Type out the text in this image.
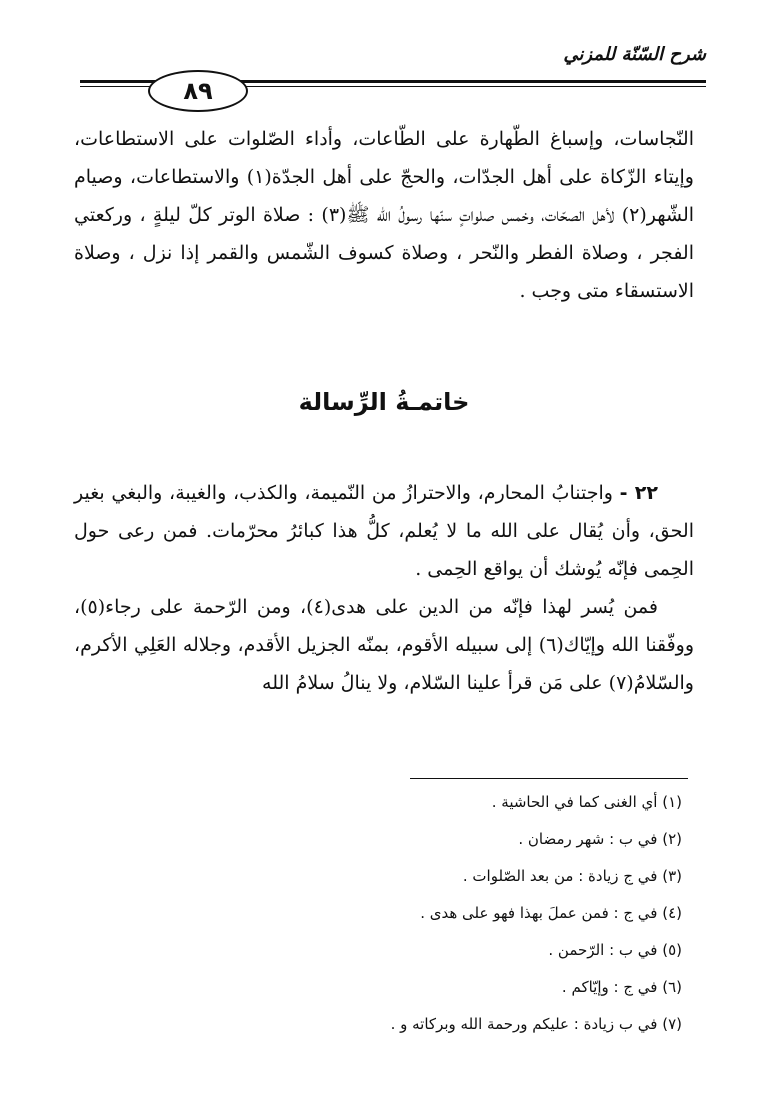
شرح السّنّة للمزني
٨٩

النّجاسات، وإسباغ الطّهارة على الطّاعات، وأداء الصّلوات على الاستطاعات، وإيتاء الزّكاة على أهل الجدّات، والحجّ على أهل الجدّة(١) والاستطاعات، وصيام الشّهر(٢) لأهل الصحّات، وخمس صلواتٍ سنّها رسولُ الله ﷺ(٣) : صلاة الوتر كلّ ليلةٍ ، وركعتي الفجر ، وصلاة الفطر والنّحر ، وصلاة كسوف الشّمس والقمر إذا نزل ، وصلاة الاستسقاء متى وجب .

خاتمـةُ الرِّسالة

٢٢ - واجتنابُ المحارم، والاحترازُ من النّميمة، والكذب، والغيبة، والبغي بغير الحق، وأن يُقال على الله ما لا يُعلم، كلُّ هذا كبائرُ محرّمات. فمن رعى حول الحِمى فإنّه يُوشك أن يواقع الحِمى .

فمن يُسر لهذا فإنّه من الدين على هدى(٤)، ومن الرّحمة على رجاء(٥)، ووفّقنا الله وإيّاك(٦) إلى سبيله الأقوم، بمنّه الجزيل الأقدم، وجلاله العَلِي الأكرم، والسّلامُ(٧) على مَن قرأ علينا السّلام، ولا ينالُ سلامُ الله

(١) أي الغنى كما في الحاشية .
(٢) في ب : شهر رمضان .
(٣) في ج زيادة : من بعد الصّلوات .
(٤) في ج : فمن عملَ بهذا فهو على هدى .
(٥) في ب : الرّحمن .
(٦) في ج : وإيّاكم .
(٧) في ب زيادة : عليكم ورحمة الله وبركاته و .
